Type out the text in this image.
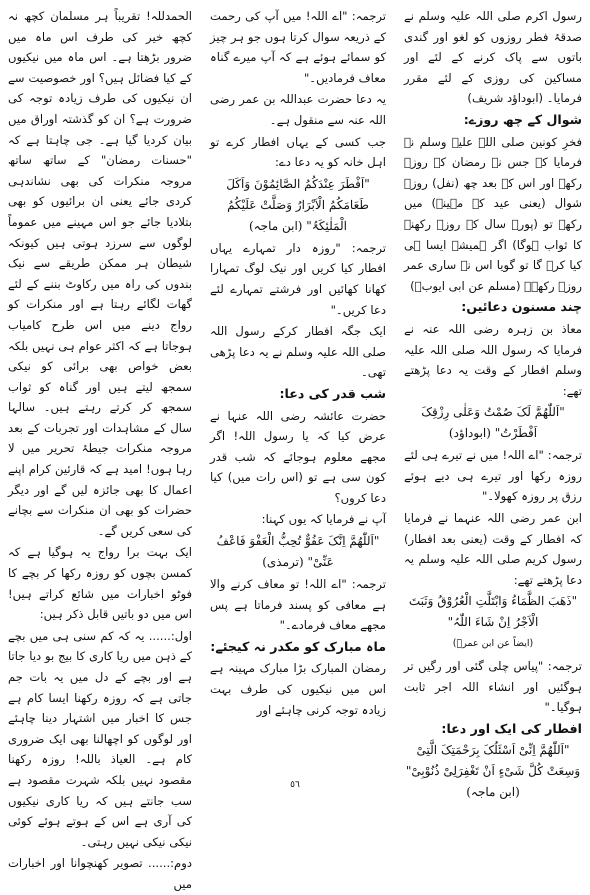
رسول اکرم صلی اللہ علیہ وسلم نے صدقۂ فطر روزوں کو لغو اور گندی باتوں سے پاک کرنے کے لئے اور مساکین کی روزی کے لئے مقرر فرمایا۔ (ابوداؤد شریف)

شوال کے چھ روزے:

فخرِ کونین صلی اللہ علیہ وسلم نے فرمایا کہ جس نے رمضان کے روزے رکھے اور اس کے بعد چھ (نفل) روزے شوال (یعنی عید کے مہینہ) میں رکھے تو (پورے سال کے روزے رکھنے کا ثواب ہوگا) اگر ہمیشہ ایسا ہی کیا کرے گا تو گویا اس نے ساری عمر روزے رکھے۔ (مسلم عن ابی ایوبؓ)

چند مسنون دعائیں:

معاذ بن زہرہ رضی اللہ عنہ نے فرمایا کہ رسول اللہ صلی اللہ علیہ وسلم افطار کے وقت یہ دعا پڑھتے تھے:

"اَللّٰھُمَّ لَکَ صُمْتُ وَعَلٰی رِزْقِکَ اَفْطَرْتُ" (ابوداؤد)

ترجمہ: "اے اللہ! میں نے تیرے ہی لئے روزہ رکھا اور تیرے ہی دیے ہوئے رزق پر روزہ کھولا۔"

ابن عمر رضی اللہ عنہما نے فرمایا کہ افطار کے وقت (یعنی بعد افطار) رسول کریم صلی اللہ علیہ وسلم یہ دعا پڑھتے تھے:

"ذَھَبَ الظَّمَاءُ وَابْتَلَّتِ الْعُرُوْقُ وَثَبَتَ الْاَجْرُ اِنْ شَاءَ اللّٰہُ"

(ایضاً عن ابن عمرؓ)

ترجمہ: "پیاس چلی گئی اور رگیں تر ہوگئیں اور انشاء اللہ اجر ثابت ہوگیا۔"

افطار کی ایک اور دعا:

"اَللّٰھُمَّ اِنِّیْ اَسْئَلُکَ بِرَحْمَتِکَ الَّتِیْ وَسِعَتْ کُلَّ شَیْءٍ اَنْ تَغْفِرَلِیْ ذُنُوْبِیْ" (ابن ماجہ)

ترجمہ: "اے اللہ! میں آپ کی رحمت کے ذریعہ سوال کرتا ہوں جو ہر چیز کو سمائے ہوئے ہے کہ آپ میرے گناہ معاف فرمادیں۔"

یہ دعا حضرت عبداللہ بن عمر رضی اللہ عنہ سے منقول ہے۔

جب کسی کے یہاں افطار کرے تو اہل خانہ کو یہ دعا دے:

"اَفْطَرَ عِنْدَکُمُ الصَّائِمُوْنَ وَاَکَلَ طَعَامَکُمُ الْاَبْرَارُ وَصَلَّتْ عَلَیْکُمُ الْمَلٰئِکَۃُ" (ابن ماجہ)

ترجمہ: "روزہ دار تمہارے یہاں افطار کیا کریں اور نیک لوگ تمہارا کھانا کھائیں اور فرشتے تمہارے لئے دعا کریں۔"

ایک جگہ افطار کرکے رسول اللہ صلی اللہ علیہ وسلم نے یہ دعا پڑھی تھی۔

شب قدر کی دعا:

حضرت عائشہ رضی اللہ عنہا نے عرض کیا کہ یا رسول اللہ! اگر مجھے معلوم ہوجائے کہ شب قدر کون سی ہے تو (اس رات میں) کیا دعا کروں؟

آپ نے فرمایا کہ یوں کہنا:

"اَللّٰھُمَّ اِنَّکَ عَفُوٌّ تُحِبُّ الْعَفْوَ فَاعْفُ عَنِّیْ" (ترمذی)

ترجمہ: "اے اللہ! تو معاف کرنے والا ہے معافی کو پسند فرماتا ہے پس مجھے معاف فرمادے۔"

ماہ مبارک کو مکدر نہ کیجئے:

رمضان المبارک بڑا مبارک مہینہ ہے اس میں نیکیوں کی طرف بہت زیادہ توجہ کرنی چاہئے اور

الحمدللہ! تقریباً ہر مسلمان کچھ نہ کچھ خیر کی طرف اس ماہ میں ضرور بڑھتا ہے۔ اس ماہ میں نیکیوں کے کیا فضائل ہیں؟ اور خصوصیت سے ان نیکیوں کی طرف زیادہ توجہ کی ضرورت ہے؟ ان کو گذشتہ اوراق میں بیان کردیا گیا ہے۔ جی چاہتا ہے کہ "حسنات رمضان" کے ساتھ ساتھ مروجہ منکرات کی بھی نشاندہی کردی جائے یعنی ان برائیوں کو بھی بتلادیا جائے جو اس مہینے میں عموماً لوگوں سے سرزد ہوتی ہیں کیونکہ شیطان ہر ممکن طریقے سے نیک بندوں کی راہ میں رکاوٹ بننے کے لئے گھات لگائے رہتا ہے اور منکرات کو رواج دینے میں اس طرح کامیاب ہوجاتا ہے کہ اکثر عوام ہی نہیں بلکہ بعض خواص بھی برائی کو نیکی سمجھ لیتے ہیں اور گناہ کو ثواب سمجھ کر کرتے رہتے ہیں۔ سالہا سال کے مشاہدات اور تجربات کے بعد مروجہ منکرات جیطۂ تحریر میں لا رہا ہوں! امید ہے کہ قارئین کرام اپنے اعمال کا بھی جائزہ لیں گے اور دیگر حضرات کو بھی ان منکرات سے بچانے کی سعی کریں گے۔

ایک بہت برا رواج یہ ہوگیا ہے کہ کمسن بچوں کو روزہ رکھا کر بچے کا فوٹو اخبارات میں شائع کراتے ہیں! اس میں دو باتیں قابل ذکر ہیں:

اول:...... یہ کہ کم سنی ہی میں بچے کے ذہن میں ریا کاری کا بیج بو دیا جاتا ہے اور بچے کے دل میں یہ بات جم جاتی ہے کہ روزہ رکھنا ایسا کام ہے جس کا اخبار میں اشتہار دینا چاہئے اور لوگوں کو اچھالنا بھی ایک ضروری کام ہے۔ العیاذ باللہ! روزہ رکھنا مقصود نہیں بلکہ شہرت مقصود ہے سب جانتے ہیں کہ ریا کاری نیکیوں کی آری ہے اس کے ہوتے ہوئے کوئی نیکی نیکی نہیں رہتی۔

دوم:...... تصویر کھنچوانا اور اخبارات میں

٥٦
